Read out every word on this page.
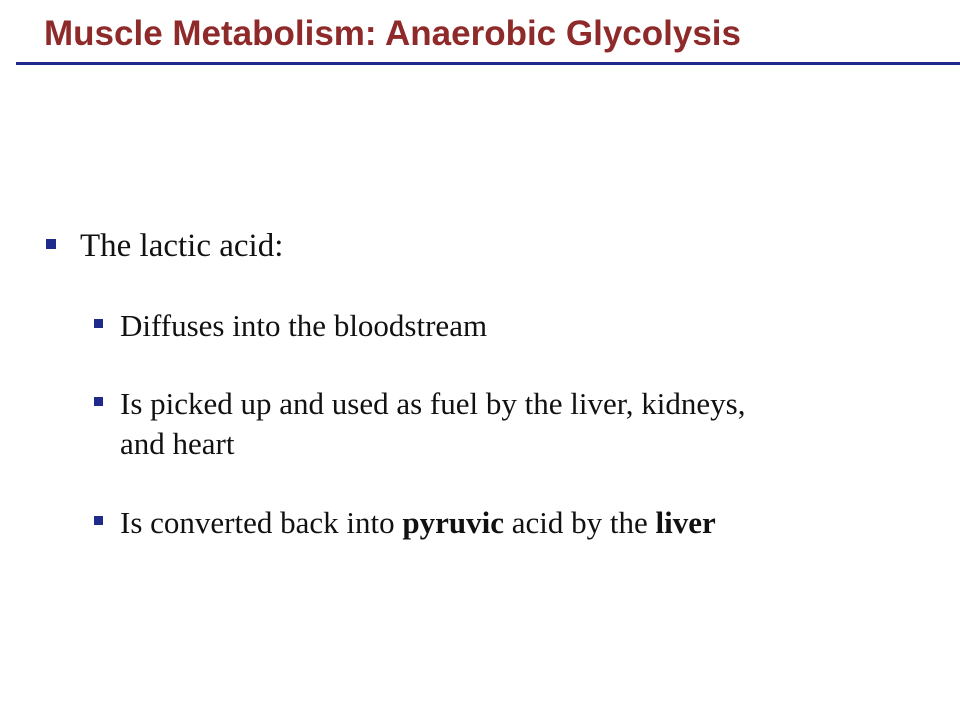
Muscle Metabolism: Anaerobic Glycolysis
The lactic acid:
Diffuses into the bloodstream
Is picked up and used as fuel by the liver, kidneys,
and heart
Is converted back into pyruvic acid by the liver
